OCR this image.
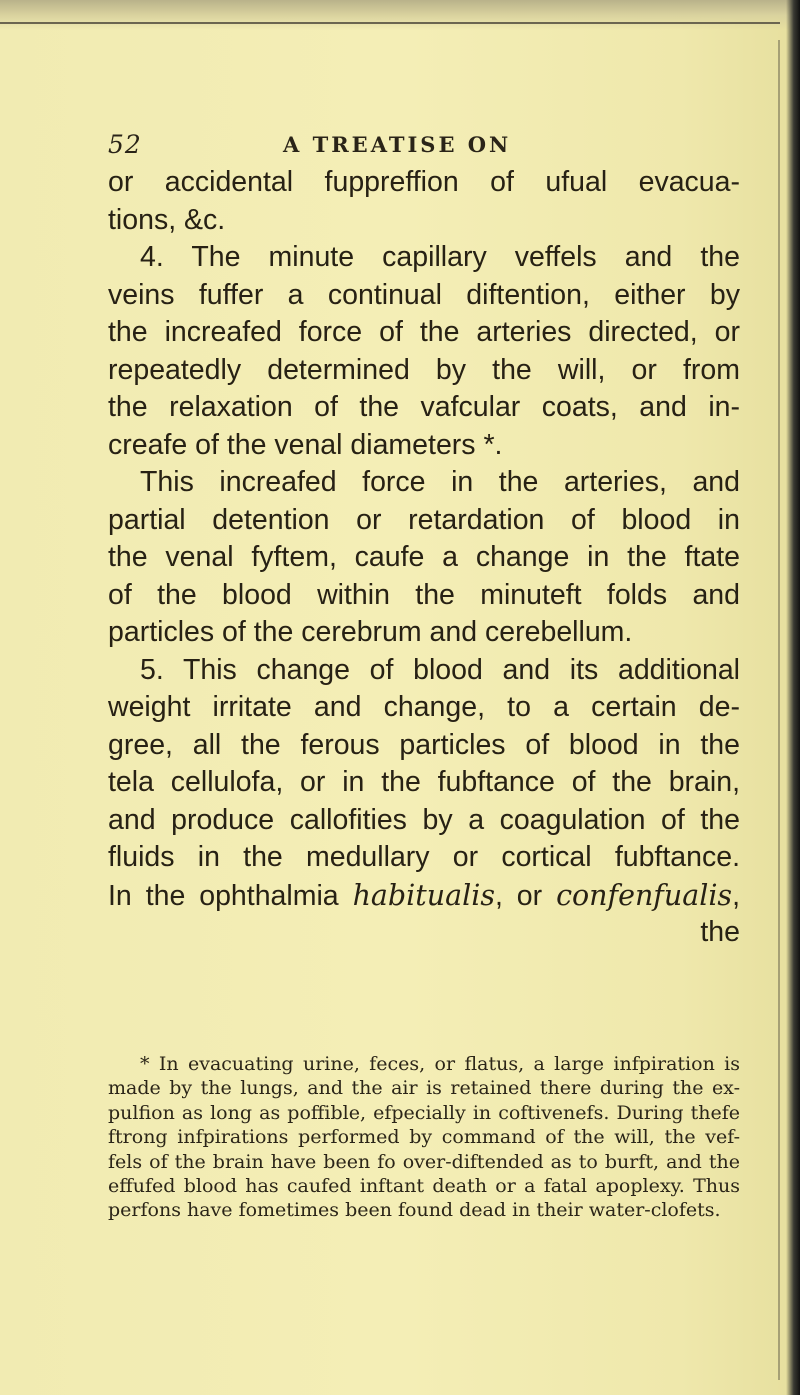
52	A TREATISE ON
or accidental fuppreffion of ufual evacua-
tions, &c.
4. The minute capillary veffels and the
veins fuffer a continual diftention, either by
the increafed force of the arteries directed, or
repeatedly determined by the will, or from
the relaxation of the vafcular coats, and in-
creafe of the venal diameters *.
This increafed force in the arteries, and
partial detention or retardation of blood in
the venal fyftem, caufe a change in the ftate
of the blood within the minuteft folds and
particles of the cerebrum and cerebellum.
5. This change of blood and its additional
weight irritate and change, to a certain de-
gree, all the ferous particles of blood in the
tela cellulofa, or in the fubftance of the brain,
and produce callofities by a coagulation of the
fluids in the medullary or cortical fubftance.
In the ophthalmia habitualis, or confenfualis,
the
* In evacuating urine, feces, or flatus, a large infpiration is
made by the lungs, and the air is retained there during the ex-
pulfion as long as poffible, efpecially in coftivenefs. During thefe
ftrong infpirations performed by command of the will, the vef-
fels of the brain have been fo over-diftended as to burft, and the
effufed blood has caufed inftant death or a fatal apoplexy. Thus
perfons have fometimes been found dead in their water-clofets.
